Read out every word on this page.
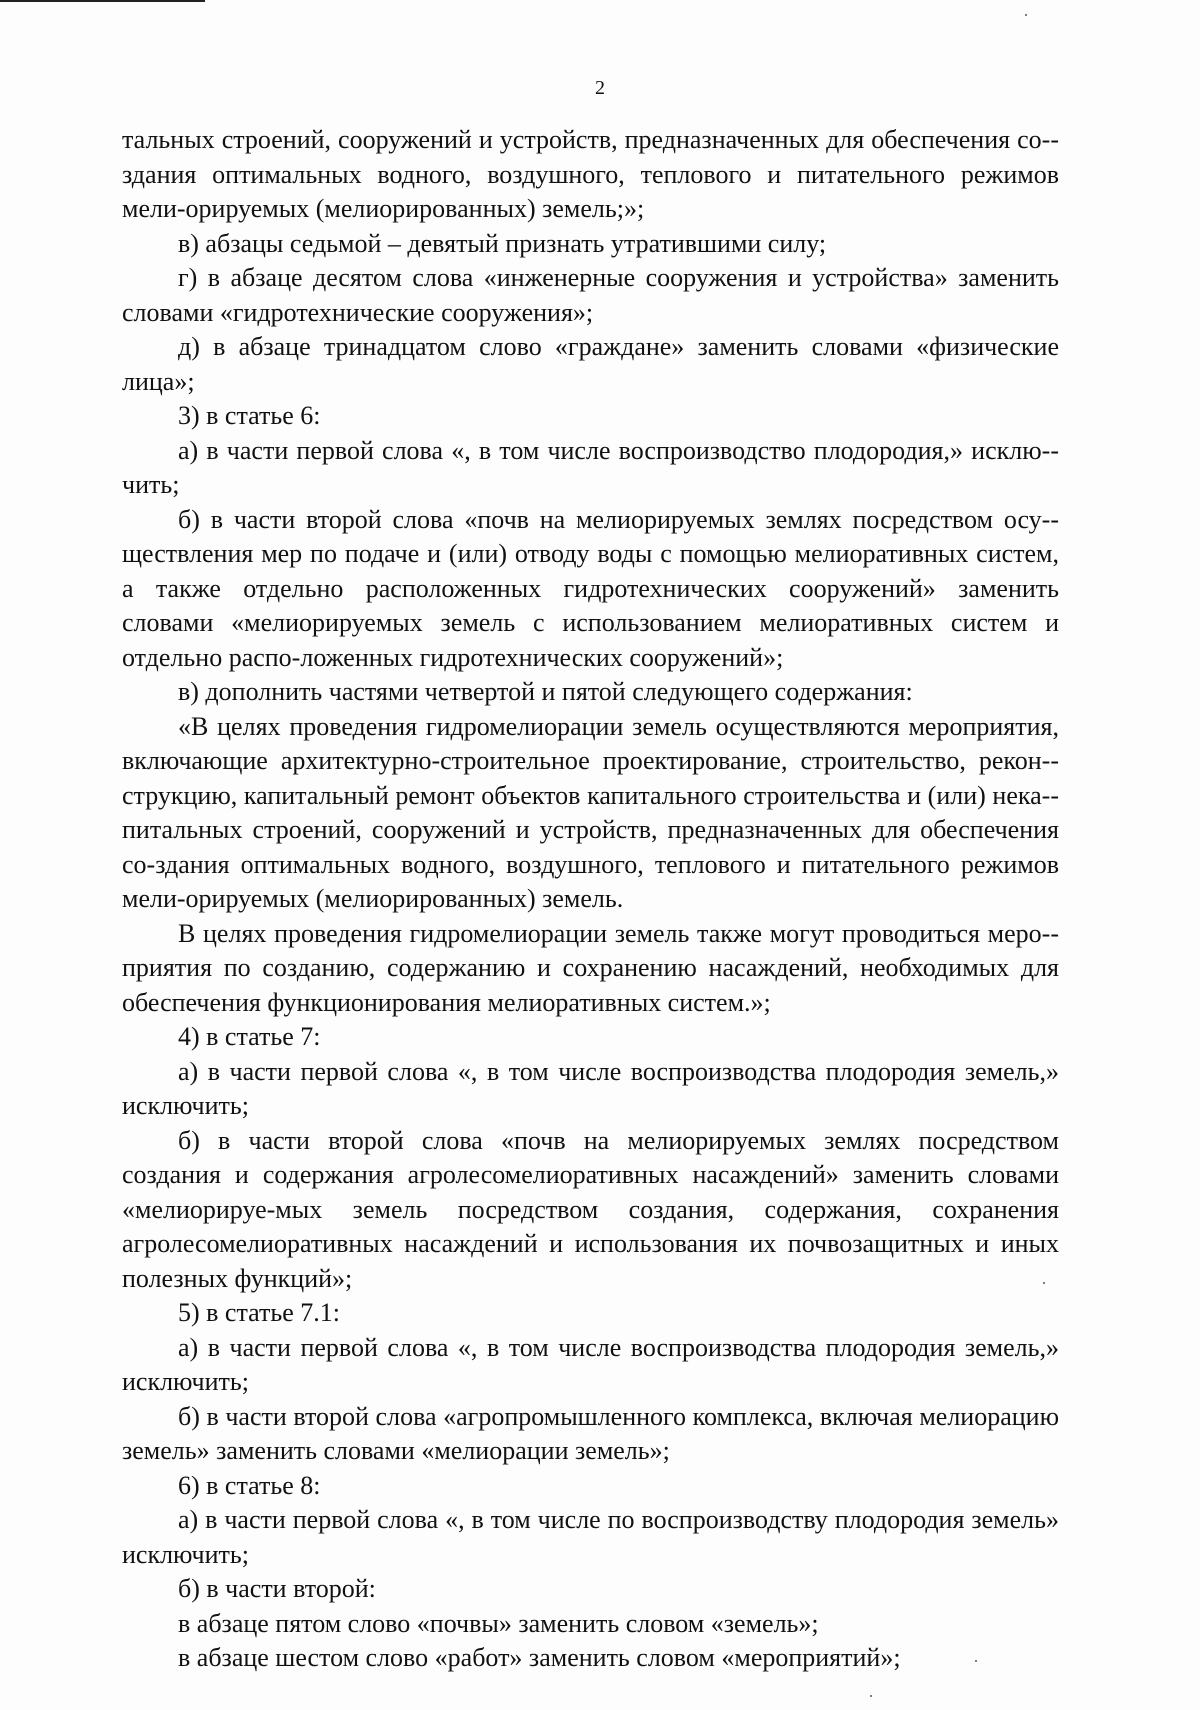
2

тальных строений, сооружений и устройств, предназначенных для обеспечения со-здания оптимальных водного, воздушного, теплового и питательного режимов мели-орируемых (мелиорированных) земель;»;

в) абзацы седьмой – девятый признать утратившими силу;

г) в абзаце десятом слова «инженерные сооружения и устройства» заменить словами «гидротехнические сооружения»;

д) в абзаце тринадцатом слово «граждане» заменить словами «физические лица»;

3) в статье 6:

а) в части первой слова «, в том числе воспроизводство плодородия,» исклю-чить;

б) в части второй слова «почв на мелиорируемых землях посредством осу-ществления мер по подаче и (или) отводу воды с помощью мелиоративных систем, а также отдельно расположенных гидротехнических сооружений» заменить словами «мелиорируемых земель с использованием мелиоративных систем и отдельно распо-ложенных гидротехнических сооружений»;

в) дополнить частями четвертой и пятой следующего содержания:

«В целях проведения гидромелиорации земель осуществляются мероприятия, включающие архитектурно-строительное проектирование, строительство, рекон-струкцию, капитальный ремонт объектов капитального строительства и (или) нека-питальных строений, сооружений и устройств, предназначенных для обеспечения со-здания оптимальных водного, воздушного, теплового и питательного режимов мели-орируемых (мелиорированных) земель.

В целях проведения гидромелиорации земель также могут проводиться меро-приятия по созданию, содержанию и сохранению насаждений, необходимых для обеспечения функционирования мелиоративных систем.»;

4) в статье 7:

а) в части первой слова «, в том числе воспроизводства плодородия земель,» исключить;

б) в части второй слова «почв на мелиорируемых землях посредством создания и содержания агролесомелиоративных насаждений» заменить словами «мелиорируе-мых земель посредством создания, содержания, сохранения агролесомелиоративных насаждений и использования их почвозащитных и иных полезных функций»;

5) в статье 7.1:

а) в части первой слова «, в том числе воспроизводства плодородия земель,» исключить;

б) в части второй слова «агропромышленного комплекса, включая мелиорацию земель» заменить словами «мелиорации земель»;

6) в статье 8:

а) в части первой слова «, в том числе по воспроизводству плодородия земель» исключить;

б) в части второй:

в абзаце пятом слово «почвы» заменить словом «земель»;

в абзаце шестом слово «работ» заменить словом «мероприятий»;
